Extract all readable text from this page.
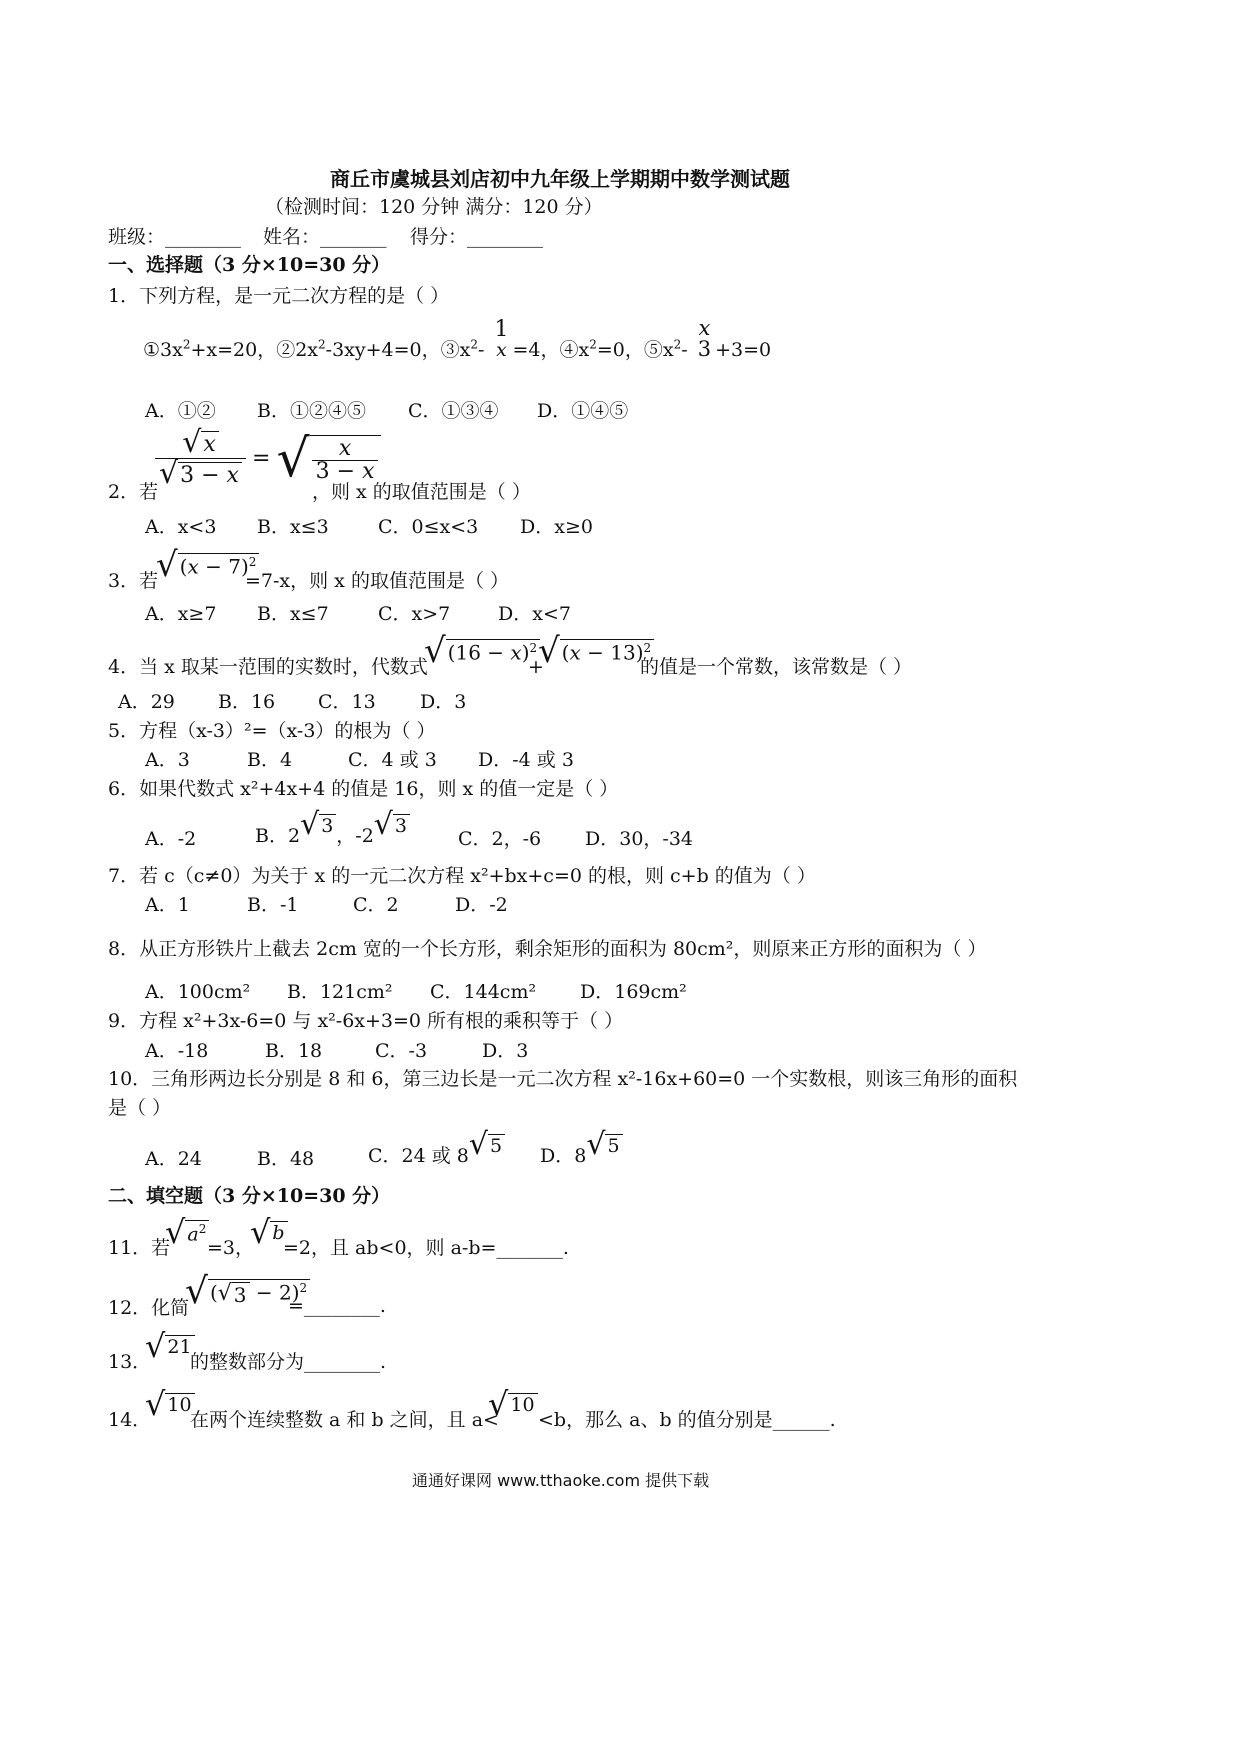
商丘市虞城县刘店初中九年级上学期期中数学测试题
（检测时间：120 分钟 满分：120 分）
班级：________ 姓名：_______ 得分：________
一、选择题（3 分×10=30 分）
1．下列方程，是一元二次方程的是（ ）
$①3x^2+x=20$，$②2x^2-3xy+4=0$，$③x^2-$
1
x =4，$④x^2=0$，$⑤x^2-$
x
3 +3=0
A．①② B．①②④⑤ C．①③④ D．①④⑤
$\frac{√x}{√3 - x}$ = √ $\frac{x}{3 - x}$
2．若	，则 x 的取值范围是（ ）
A．x<3 B．x≤3	C．0≤x<3 D．x≥0
3．若
√ $(x - 7)^2$
=7-x，则 x 的取值范围是（ ）
A．x≥7 B．x≤7	C．x>7	D．x<7
4．当 x 取某一范围的实数时，代数式
√ $(16 - x)^2$
+
√ $(x - 13)^2$
的值是一个常数，该常数是（ ）
A．29 B．16 C．13 D．3
5．方程（x-3）²=（x-3）的根为（ ）
A．3	B．4	C．4 或 3 D．-4 或 3
6．如果代数式 x²+4x+4 的值是 16，则 x 的值一定是（ ）
A．-2	B．2√ 3 ，-2√ 3
C．2，-6 D．30，-34
7．若 c（c≠0）为关于 x 的一元二次方程 x²+bx+c=0 的根，则 c+b 的值为（ ）
A．1	B．-1	C．2	D．-2
8．从正方形铁片上截去 2cm 宽的一个长方形，剩余矩形的面积为 80cm²，则原来正方形的面积为（ ）
A．100cm² B．121cm² C．144cm² D．169cm²
9．方程 x²+3x-6=0 与 x²-6x+3=0 所有根的乘积等于（ ）
A．-18	B．18	C．-3	D．3
10．三角形两边长分别是 8 和 6，第三边长是一元二次方程 x²-16x+60=0 一个实数根，则该三角形的面积
是（ ）
A．24	B．48	C．24 或 8√ 5 D．8√ 5
二、填空题（3 分×10=30 分）
11．若
√ $a^2$
=3，
√ b
=2，且 ab<0，则 a-b=_______.
12．化简
√ (√ 3 − 2)$^2$
=________.
13．
√ 21
的整数部分为________.
14．
√ 10
在两个连续整数 a 和 b 之间，且 a<
√ 10
<b，那么 a、b 的值分别是______.
通通好课网 www.tthaoke.com 提供下载
